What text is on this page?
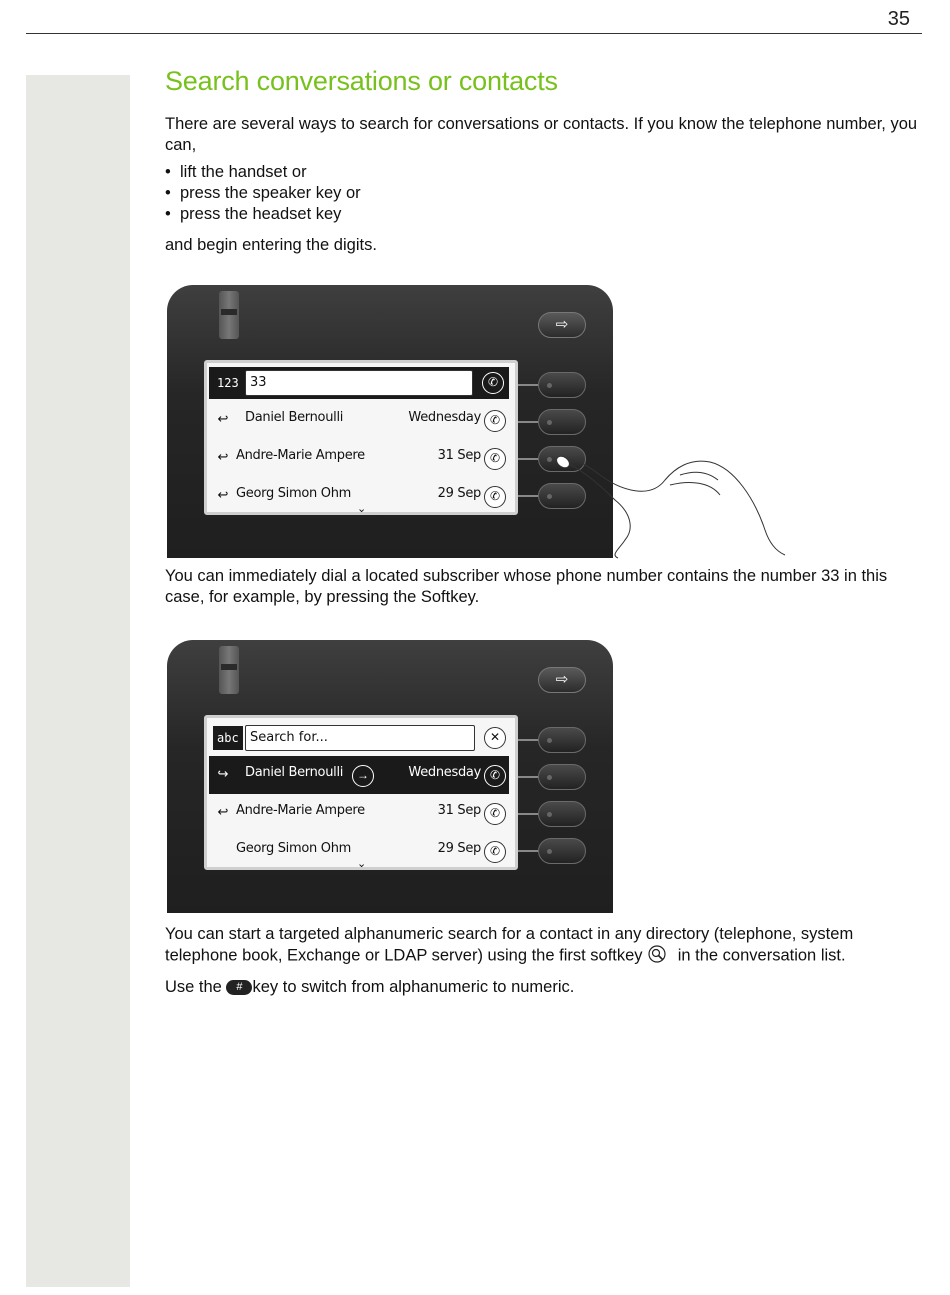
35
Search conversations or contacts

There are several ways to search for conversations or contacts. If you know the telephone number, you can,

• lift the handset or
• press the speaker key or
• press the headset key

and begin entering the digits.

⇨
123 33	✆
↩ Daniel Bernoulli	Wednesday ✆
↩ Andre-Marie Ampere	31 Sep ✆
↩ Georg Simon Ohm	29 Sep ✆
⌄

You can immediately dial a located subscriber whose phone number contains the number 33 in this case, for example, by pressing the Softkey.

⇨
abc Search for...	✕
↪ Daniel Bernoulli	→	Wednesday ✆
↩ Andre-Marie Ampere	31 Sep ✆
Georg Simon Ohm	29 Sep ✆
⌄

You can start a targeted alphanumeric search for a contact in any directory (telephone, system telephone book, Exchange or LDAP server) using the first softkey in the conversation list.

Use the # key to switch from alphanumeric to numeric.
